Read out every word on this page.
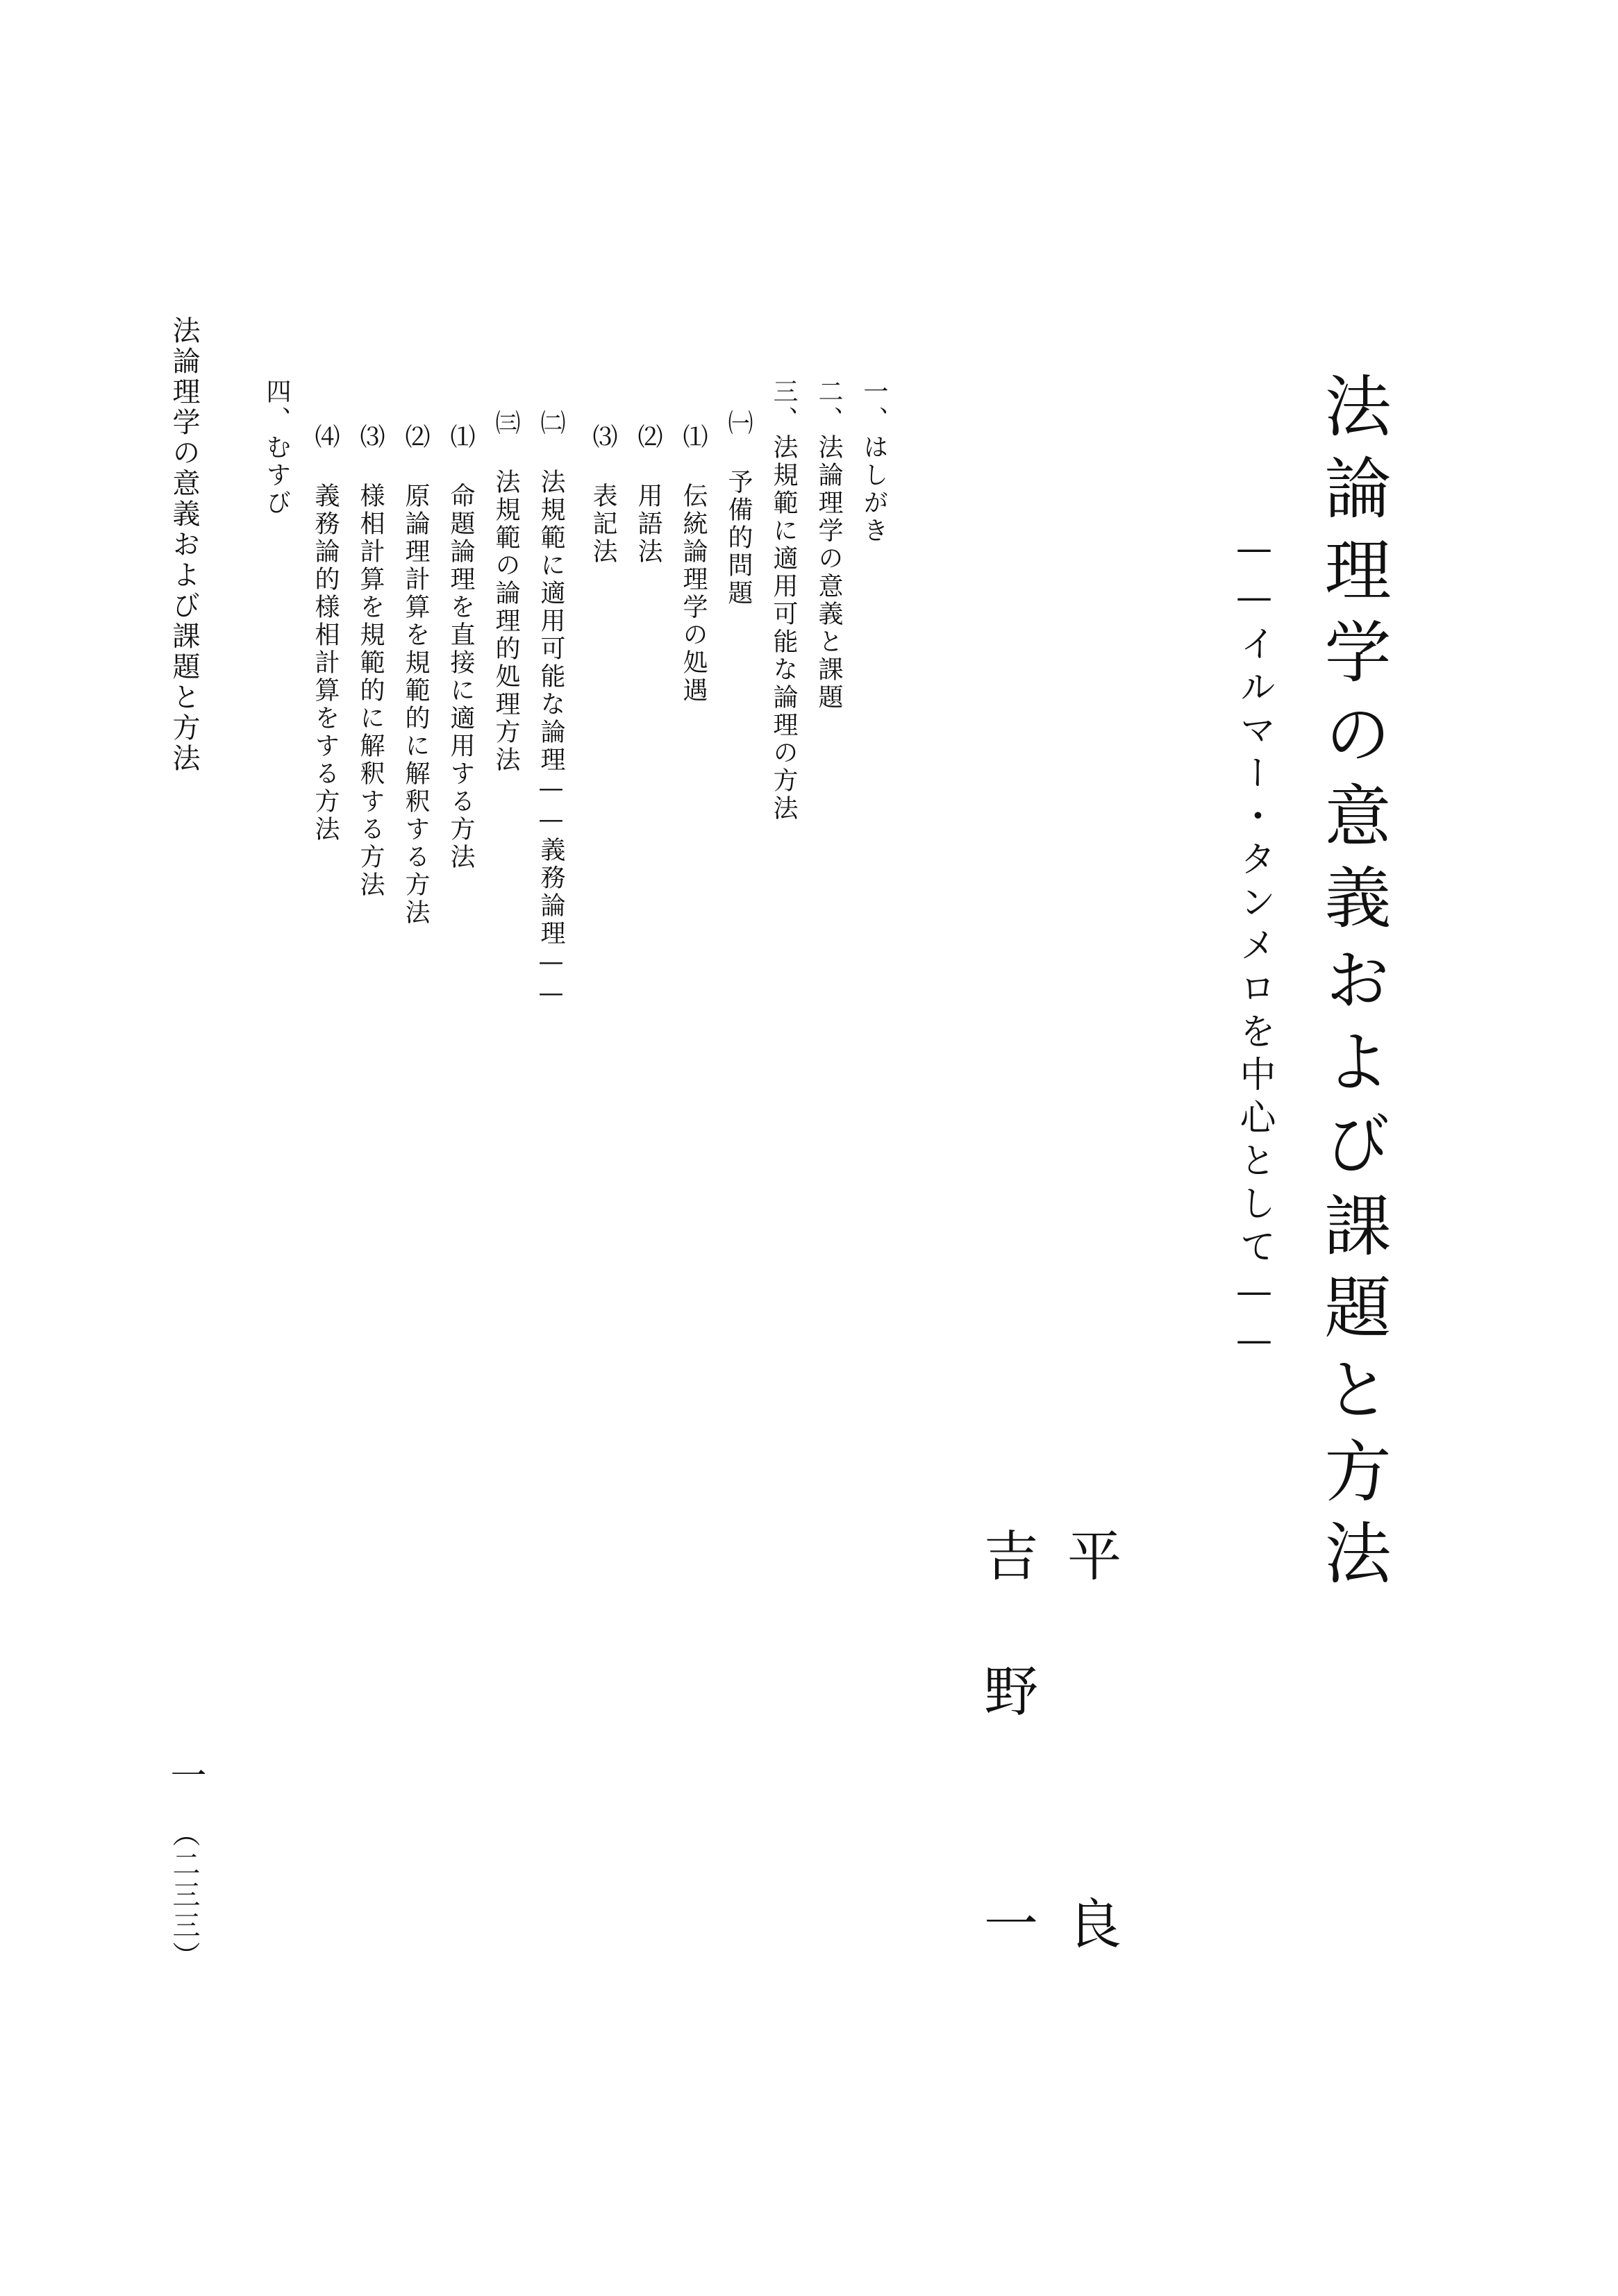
法論理学の意義および課題と方法
——イルマー・タンメロを中心として——
平
良
吉
野
一
一、はしがき
二、法論理学の意義と課題
三、法規範に適用可能な論理の方法
㈠ 予備的問題
⑴ 伝統論理学の処遇
⑵ 用語法
⑶ 表記法
㈡ 法規範に適用可能な論理——義務論理——
㈢ 法規範の論理的処理方法
⑴ 命題論理を直接に適用する方法
⑵ 原論理計算を規範的に解釈する方法
⑶ 様相計算を規範的に解釈する方法
⑷ 義務論的様相計算をする方法
四、むすび
法論理学の意義および課題と方法
一
（二三三）
